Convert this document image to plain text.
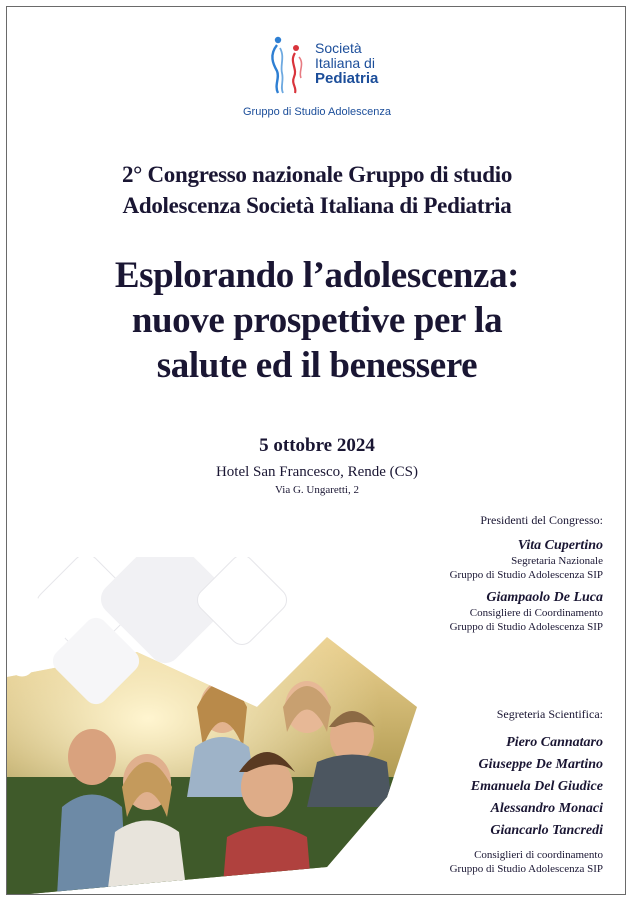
Società
Italiana di
Pediatria
Gruppo di Studio Adolescenza
2° Congresso nazionale Gruppo di studio
Adolescenza Società Italiana di Pediatria
Esplorando l’adolescenza:
nuove prospettive per la
salute ed il benessere
5 ottobre 2024
Hotel San Francesco, Rende (CS)
Via G. Ungaretti, 2
Presidenti del Congresso:
Vita Cupertino
Segretaria Nazionale
Gruppo di Studio Adolescenza SIP
Giampaolo De Luca
Consigliere di Coordinamento
Gruppo di Studio Adolescenza SIP
Segreteria Scientifica:
Piero Cannataro
Giuseppe De Martino
Emanuela Del Giudice
Alessandro Monaci
Giancarlo Tancredi
Consiglieri di coordinamento
Gruppo di Studio Adolescenza SIP
